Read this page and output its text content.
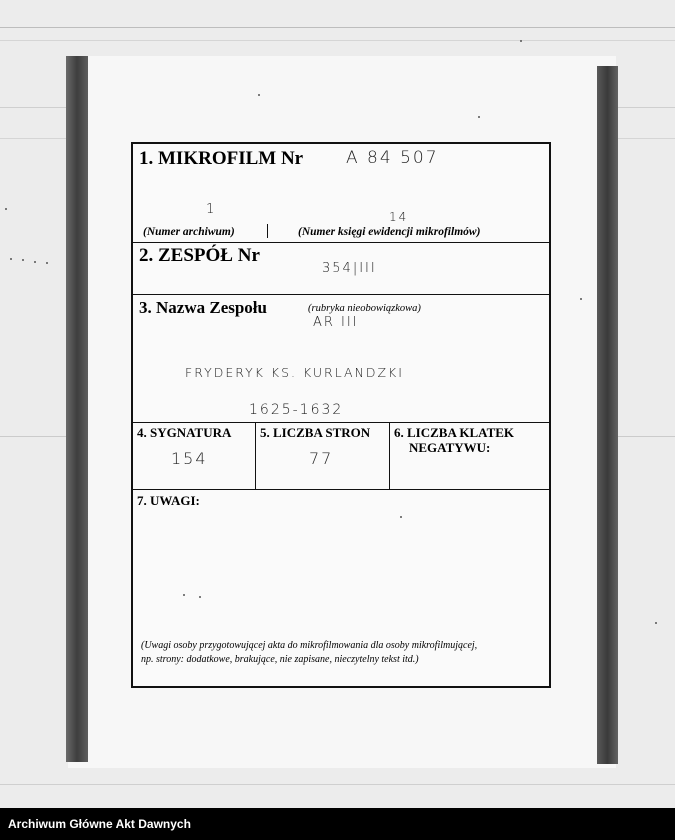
1. MIKROFILM Nr	A 84 507
1	14
(Numer archiwum)	(Numer księgi ewidencji mikrofilmów)
2. ZESPÓŁ Nr
354|III
3. Nazwa Zespołu	(rubryka nieobowiązkowa)
AR III
FRYDERYK KS. KURLANDZKI
1625-1632
4. SYGNATURA
154
5. LICZBA STRON
77
6. LICZBA KLATEK
NEGATYWU:
7. UWAGI:
(Uwagi osoby przygotowującej akta do mikrofilmowania dla osoby mikrofilmującej,
np. strony: dodatkowe, brakujące, nie zapisane, nieczytelny tekst itd.)
Archiwum Główne Akt Dawnych
